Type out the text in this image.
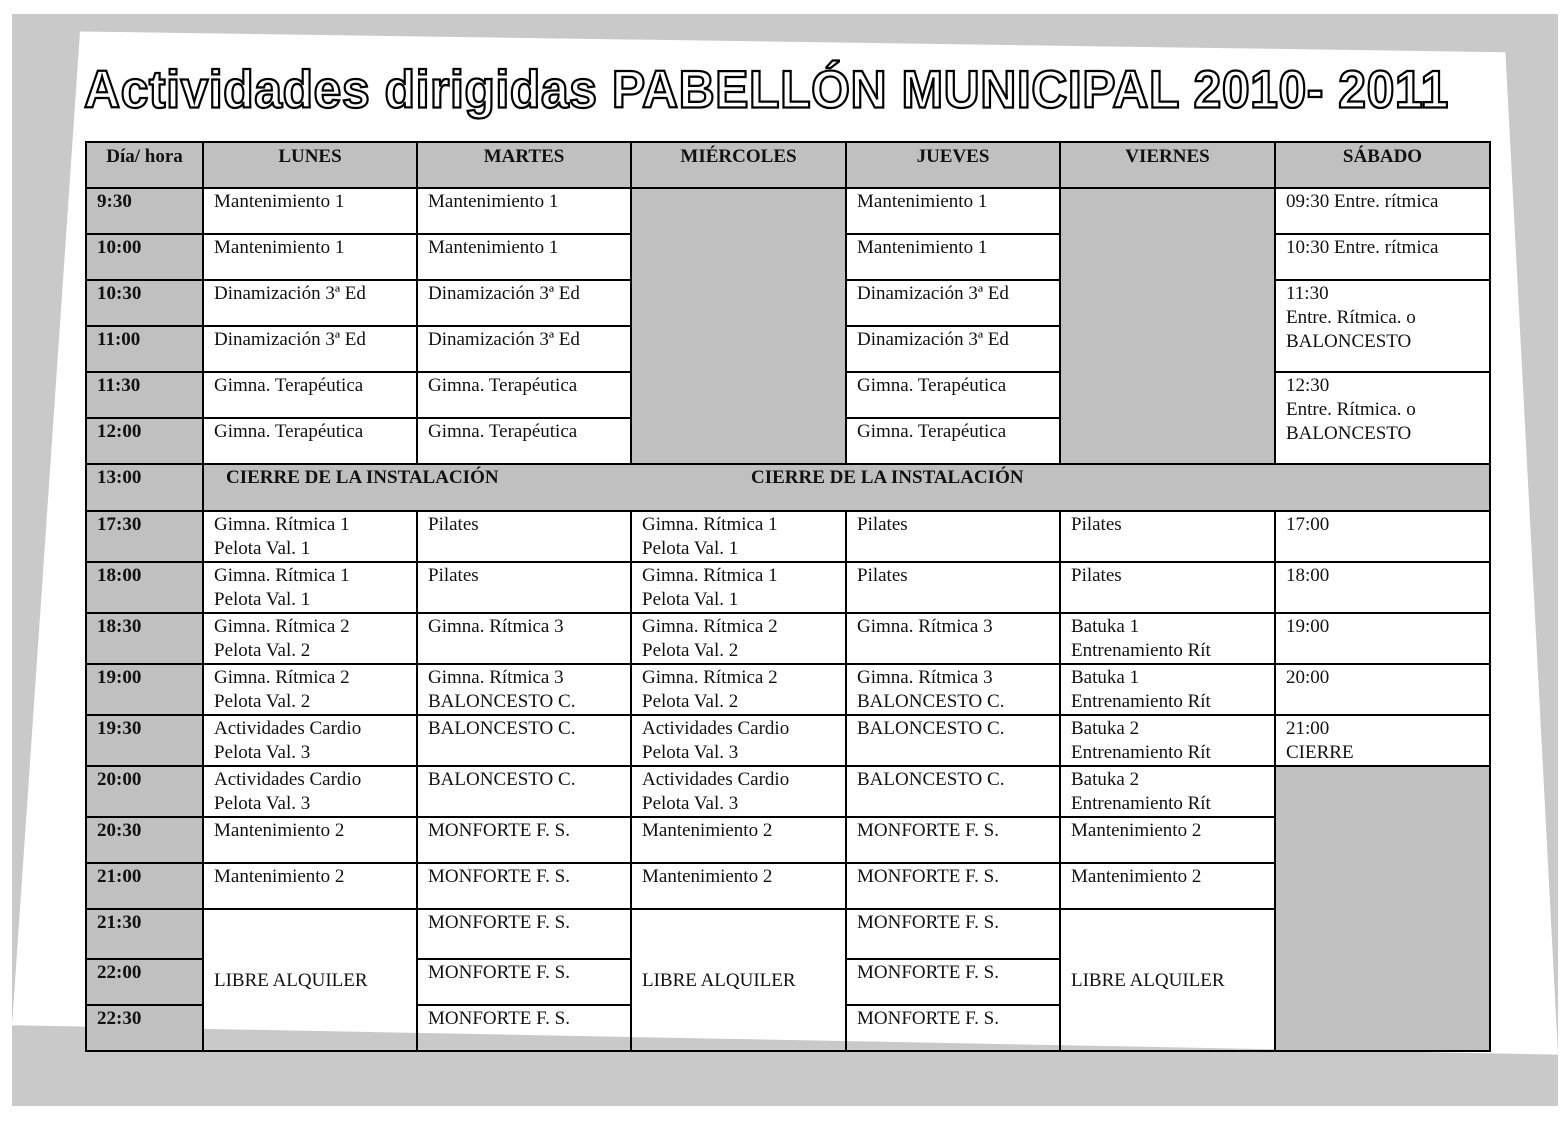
Actividades dirigidas PABELLÓN MUNICIPAL 2010- 2011
Día/ hora	LUNES	MARTES	MIÉRCOLES	JUEVES	VIERNES	SÁBADO

9:30	Mantenimiento 1	Mantenimiento 1		Mantenimiento 1		09:30 Entre. rítmica

10:00	Mantenimiento 1	Mantenimiento 1		Mantenimiento 1		10:30 Entre. rítmica

10:30	Dinamización 3ª Ed	Dinamización 3ª Ed		Dinamización 3ª Ed		11:30
Entre. Rítmica. o
BALONCESTO

11:00	Dinamización 3ª Ed	Dinamización 3ª Ed		Dinamización 3ª Ed		

11:30	Gimna. Terapéutica	Gimna. Terapéutica		Gimna. Terapéutica		12:30
Entre. Rítmica. o
BALONCESTO

12:00	Gimna. Terapéutica	Gimna. Terapéutica		Gimna. Terapéutica		

13:00	CIERRE DE LA INSTALACIÓN CIERRE DE LA INSTALACIÓN					

17:30	Gimna. Rítmica 1
Pelota Val. 1	Pilates	Gimna. Rítmica 1
Pelota Val. 1	Pilates	Pilates	17:00

18:00	Gimna. Rítmica 1
Pelota Val. 1	Pilates	Gimna. Rítmica 1
Pelota Val. 1	Pilates	Pilates	18:00

18:30	Gimna. Rítmica 2
Pelota Val. 2	Gimna. Rítmica 3	Gimna. Rítmica 2
Pelota Val. 2	Gimna. Rítmica 3	Batuka 1
Entrenamiento Rít	19:00

19:00	Gimna. Rítmica 2
Pelota Val. 2	Gimna. Rítmica 3
BALONCESTO C.	Gimna. Rítmica 2
Pelota Val. 2	Gimna. Rítmica 3
BALONCESTO C.	Batuka 1
Entrenamiento Rít	20:00

19:30	Actividades Cardio
Pelota Val. 3	BALONCESTO C.	Actividades Cardio
Pelota Val. 3	BALONCESTO C.	Batuka 2
Entrenamiento Rít	21:00
CIERRE

20:00	Actividades Cardio
Pelota Val. 3	BALONCESTO C.	Actividades Cardio
Pelota Val. 3	BALONCESTO C.	Batuka 2
Entrenamiento Rít	

20:30	Mantenimiento 2	MONFORTE F. S.	Mantenimiento 2	MONFORTE F. S.	Mantenimiento 2	

21:00	Mantenimiento 2	MONFORTE F. S.	Mantenimiento 2	MONFORTE F. S.	Mantenimiento 2	

21:30	LIBRE ALQUILER	MONFORTE F. S.	LIBRE ALQUILER	MONFORTE F. S.	LIBRE ALQUILER	

22:00		MONFORTE F. S.		MONFORTE F. S.		

22:30		MONFORTE F. S.		MONFORTE F. S.		
